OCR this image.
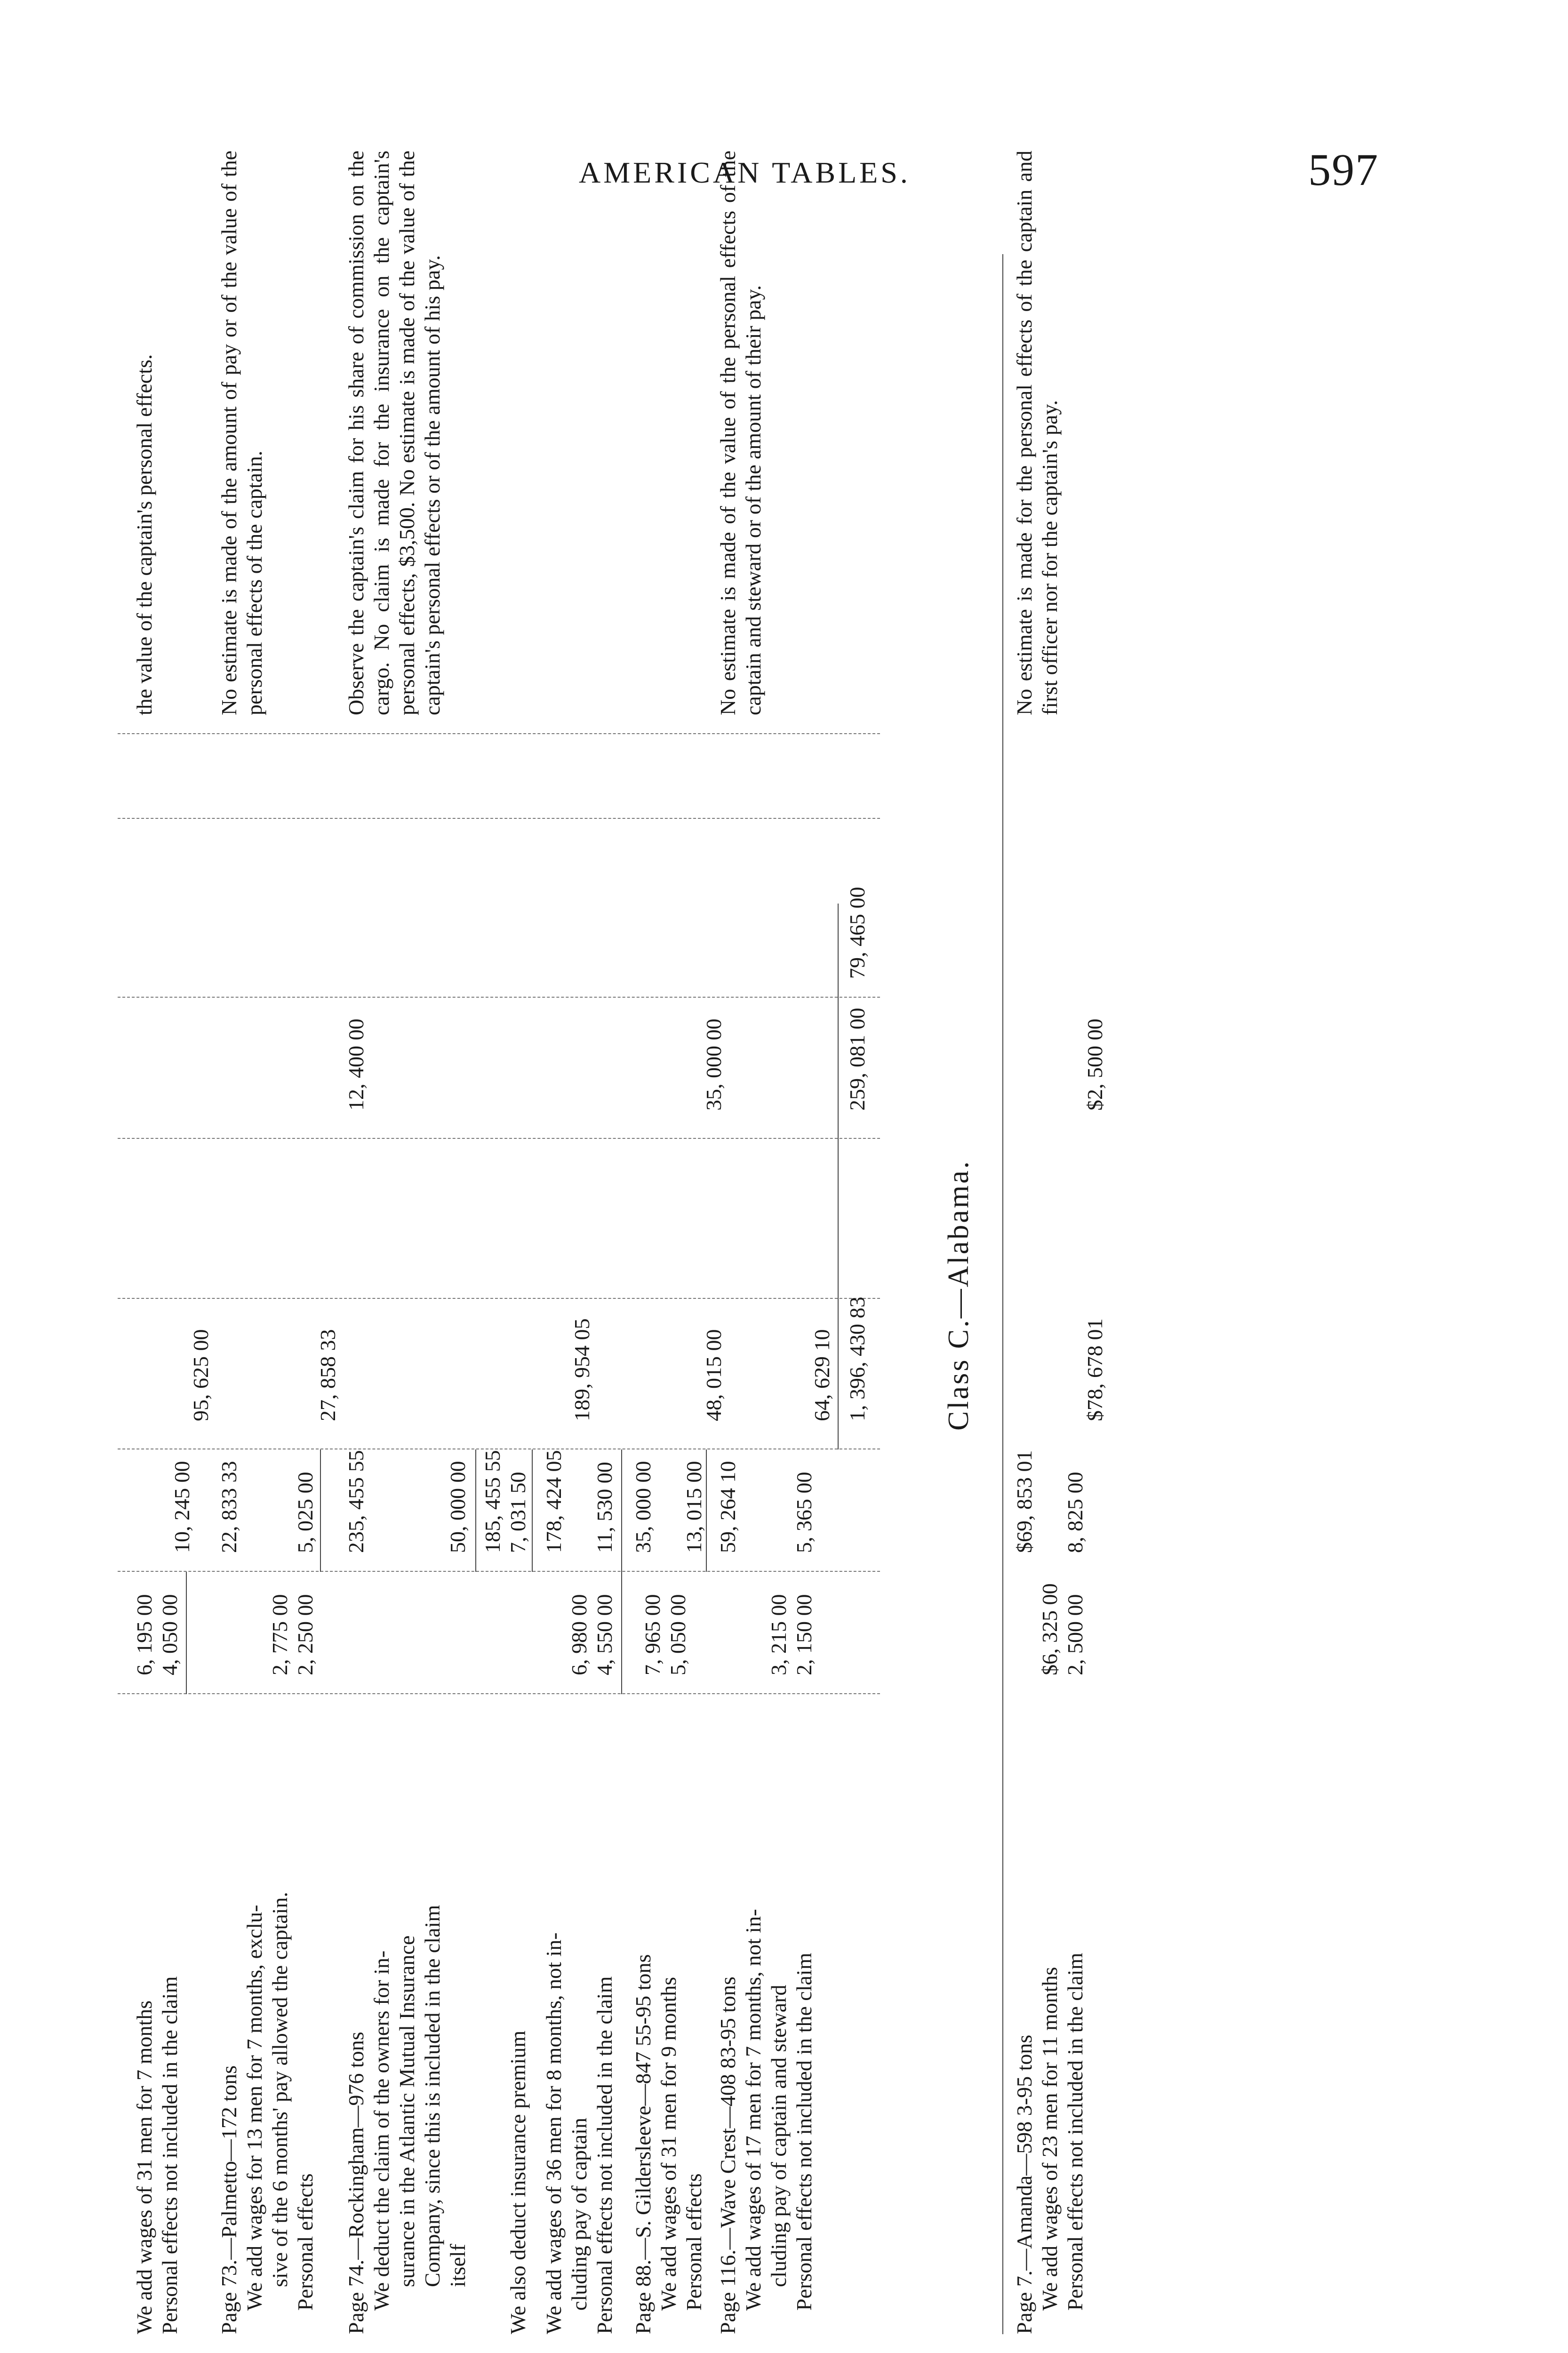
AMERICAN TABLES.	597
We add wages of 31 men for 7 months Personal effects not included in the claim
6, 195 00 4, 050 00
10, 245 00
95, 625 00
the value of the captain's personal effects.
Page 73.—Palmetto—172 tons We add wages for 13 men for 7 months, exclu- sive of the 6 months' pay allowed the captain. Personal effects
2, 775 00 2, 250 00
22, 833 33 5, 025 00
No estimate is made of the amount of pay or of the value of the personal effects of the captain.
27, 858 33
Page 74.—Rockingham—976 tons We deduct the claim of the owners for in- surance in the Atlantic Mutual Insurance Company, since this is included in the claim itself
235, 455 55	50, 000 00 185, 455 55
We also deduct insurance premium
7, 031 50
12, 400 00
Observe the captain's claim for his share of commission on the cargo. No claim is made for the insurance on the captain's personal effects, $3,500. No estimate is made of the value of the captain's personal effects or of the amount of his pay.
We add wages of 36 men for 8 months, not in- cluding pay of captain Personal effects not included in the claim
6, 980 00 4, 550 00
178, 424 05 11, 530 00
189, 954 05
Page 88.—S. Gildersleeve—847 55-95 tons We add wages of 31 men for 9 months Personal effects
7, 965 00 5, 050 00
35, 000 00 13, 015 00
48, 015 00
35, 000 00
Page 116.—Wave Crest—408 83-95 tons We add wages of 17 men for 7 months, not in- cluding pay of captain and steward Personal effects not included in the claim
3, 215 00 2, 150 00
59, 264 10 5, 365 00
64, 629 10
No estimate is made of the value of the personal effects of the captain and steward or of the amount of their pay.
1, 396, 430 83
259, 081 00
79, 465 00
Class C.—Alabama.
Page 7.—Amanda—598 3-95 tons We add wages of 23 men for 11 months Personal effects not included in the claim
$6, 325 00 2, 500 00
$69, 853 01 8, 825 00
$78, 678 01
$2, 500 00
No estimate is made for the personal effects of the captain and first officer nor for the captain's pay.
